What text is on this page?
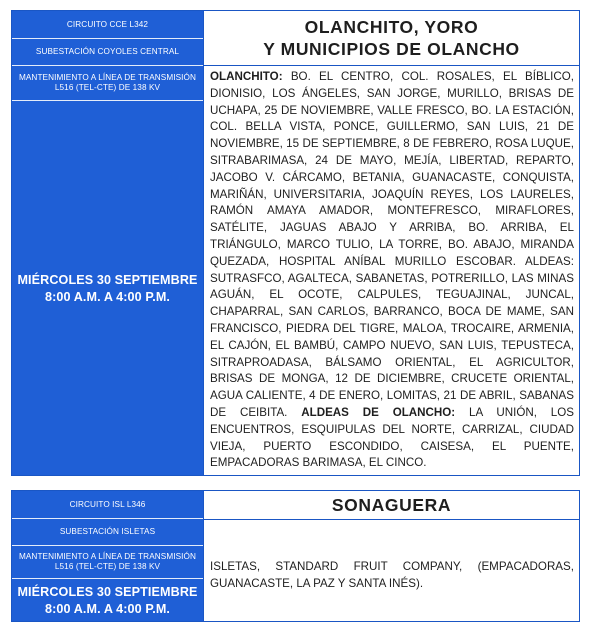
CIRCUITO CCE L342
SUBESTACIÓN COYOLES CENTRAL
MANTENIMIENTO A LÍNEA DE TRANSMISIÓN L516 (TEL-CTE) DE 138 KV
MIÉRCOLES 30 SEPTIEMBRE
8:00 A.M. A 4:00 P.M.
OLANCHITO, YORO
Y MUNICIPIOS DE OLANCHO
OLANCHITO: BO. EL CENTRO, COL. ROSALES, EL BÍBLICO, DIONISIO, LOS ÁNGELES, SAN JORGE, MURILLO, BRISAS DE UCHAPA, 25 DE NOVIEMBRE, VALLE FRESCO, BO. LA ESTACIÓN, COL. BELLA VISTA, PONCE, GUILLERMO, SAN LUIS, 21 DE NOVIEMBRE, 15 DE SEPTIEMBRE, 8 DE FEBRERO, ROSA LUQUE, SITRABARIMASA, 24 DE MAYO, MEJÍA, LIBERTAD, REPARTO, JACOBO V. CÁRCAMO, BETANIA, GUANACASTE, CONQUISTA, MARIÑÁN, UNIVERSITARIA, JOAQUÍN REYES, LOS LAURELES, RAMÓN AMAYA AMADOR, MONTEFRESCO, MIRAFLORES, SATÉLITE, JAGUAS ABAJO Y ARRIBA, BO. ARRIBA, EL TRIÁNGULO, MARCO TULIO, LA TORRE, BO. ABAJO, MIRANDA QUEZADA, HOSPITAL ANÍBAL MURILLO ESCOBAR. ALDEAS: SUTRASFCO, AGALTECA, SABANETAS, POTRERILLO, LAS MINAS AGUÁN, EL OCOTE, CALPULES, TEGUAJINAL, JUNCAL, CHAPARRAL, SAN CARLOS, BARRANCO, BOCA DE MAME, SAN FRANCISCO, PIEDRA DEL TIGRE, MALOA, TROCAIRE, ARMENIA, EL CAJÓN, EL BAMBÚ, CAMPO NUEVO, SAN LUIS, TEPUSTECA, SITRAPROADASA, BÁLSAMO ORIENTAL, EL AGRICULTOR, BRISAS DE MONGA, 12 DE DICIEMBRE, CRUCETE ORIENTAL, AGUA CALIENTE, 4 DE ENERO, LOMITAS, 21 DE ABRIL, SABANAS DE CEIBITA. ALDEAS DE OLANCHO: LA UNIÓN, LOS ENCUENTROS, ESQUIPULAS DEL NORTE, CARRIZAL, CIUDAD VIEJA, PUERTO ESCONDIDO, CAISESA, EL PUENTE, EMPACADORAS BARIMASA, EL CINCO.
CIRCUITO ISL L346
SUBESTACIÓN ISLETAS
MANTENIMIENTO A LÍNEA DE TRANSMISIÓN L516 (TEL-CTE) DE 138 KV
MIÉRCOLES 30 SEPTIEMBRE
8:00 A.M. A 4:00 P.M.
SONAGUERA
ISLETAS, STANDARD FRUIT COMPANY, (EMPACADORAS, GUANACASTE, LA PAZ Y SANTA INÉS).
